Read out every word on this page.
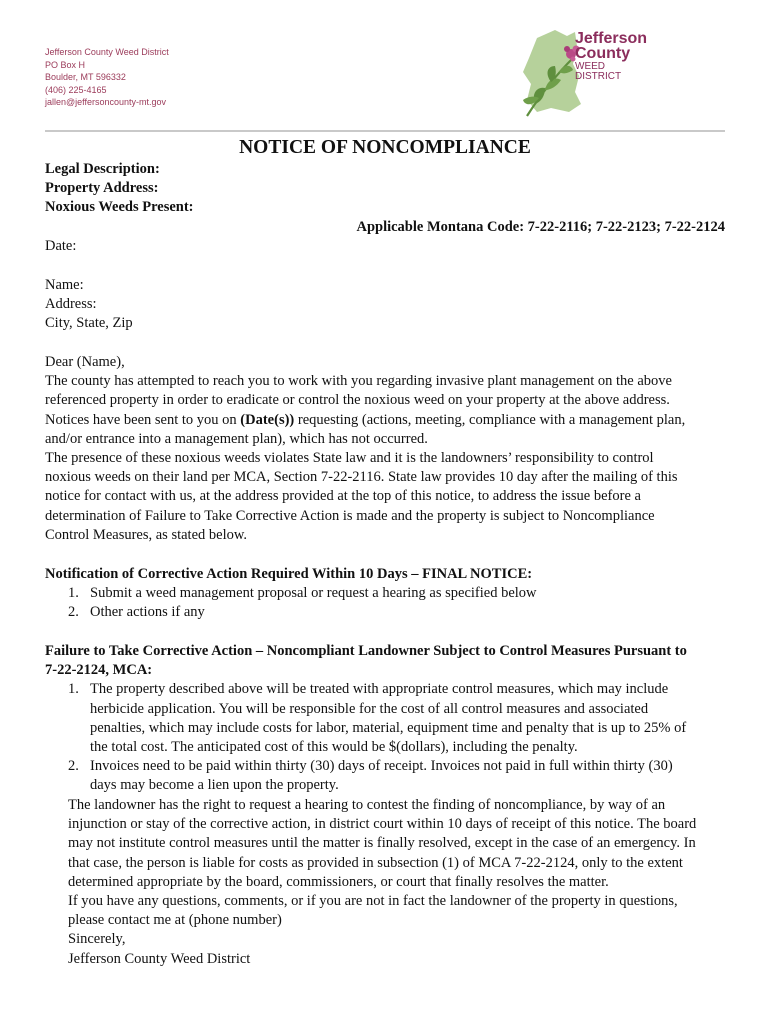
Jefferson County Weed District
PO Box H
Boulder, MT 596332
(406) 225-4165
jallen@jeffersoncounty-mt.gov
Jefferson
County
WEED
DISTRICT
NOTICE OF NONCOMPLIANCE
Legal Description:
Property Address:
Noxious Weeds Present:
Applicable Montana Code: 7-22-2116; 7-22-2123; 7-22-2124
Date:
Name:
Address:
City, State, Zip
Dear (Name),
The county has attempted to reach you to work with you regarding invasive plant management on the above
referenced property in order to eradicate or control the noxious weed on your property at the above address.
Notices have been sent to you on (Date(s)) requesting (actions, meeting, compliance with a management plan,
and/or entrance into a management plan), which has not occurred.
The presence of these noxious weeds violates State law and it is the landowners’ responsibility to control
noxious weeds on their land per MCA, Section 7-22-2116. State law provides 10 day after the mailing of this
notice for contact with us, at the address provided at the top of this notice, to address the issue before a
determination of Failure to Take Corrective Action is made and the property is subject to Noncompliance
Control Measures, as stated below.
Notification of Corrective Action Required Within 10 Days – FINAL NOTICE:
1. Submit a weed management proposal or request a hearing as specified below
2. Other actions if any
Failure to Take Corrective Action – Noncompliant Landowner Subject to Control Measures Pursuant to
7-22-2124, MCA:
1. The property described above will be treated with appropriate control measures, which may include
herbicide application. You will be responsible for the cost of all control measures and associated
penalties, which may include costs for labor, material, equipment time and penalty that is up to 25% of
the total cost. The anticipated cost of this would be $(dollars), including the penalty.
2. Invoices need to be paid within thirty (30) days of receipt. Invoices not paid in full within thirty (30)
days may become a lien upon the property.
The landowner has the right to request a hearing to contest the finding of noncompliance, by way of an
injunction or stay of the corrective action, in district court within 10 days of receipt of this notice. The board
may not institute control measures until the matter is finally resolved, except in the case of an emergency. In
that case, the person is liable for costs as provided in subsection (1) of MCA 7-22-2124, only to the extent
determined appropriate by the board, commissioners, or court that finally resolves the matter.
If you have any questions, comments, or if you are not in fact the landowner of the property in questions,
please contact me at (phone number)
Sincerely,
Jefferson County Weed District
